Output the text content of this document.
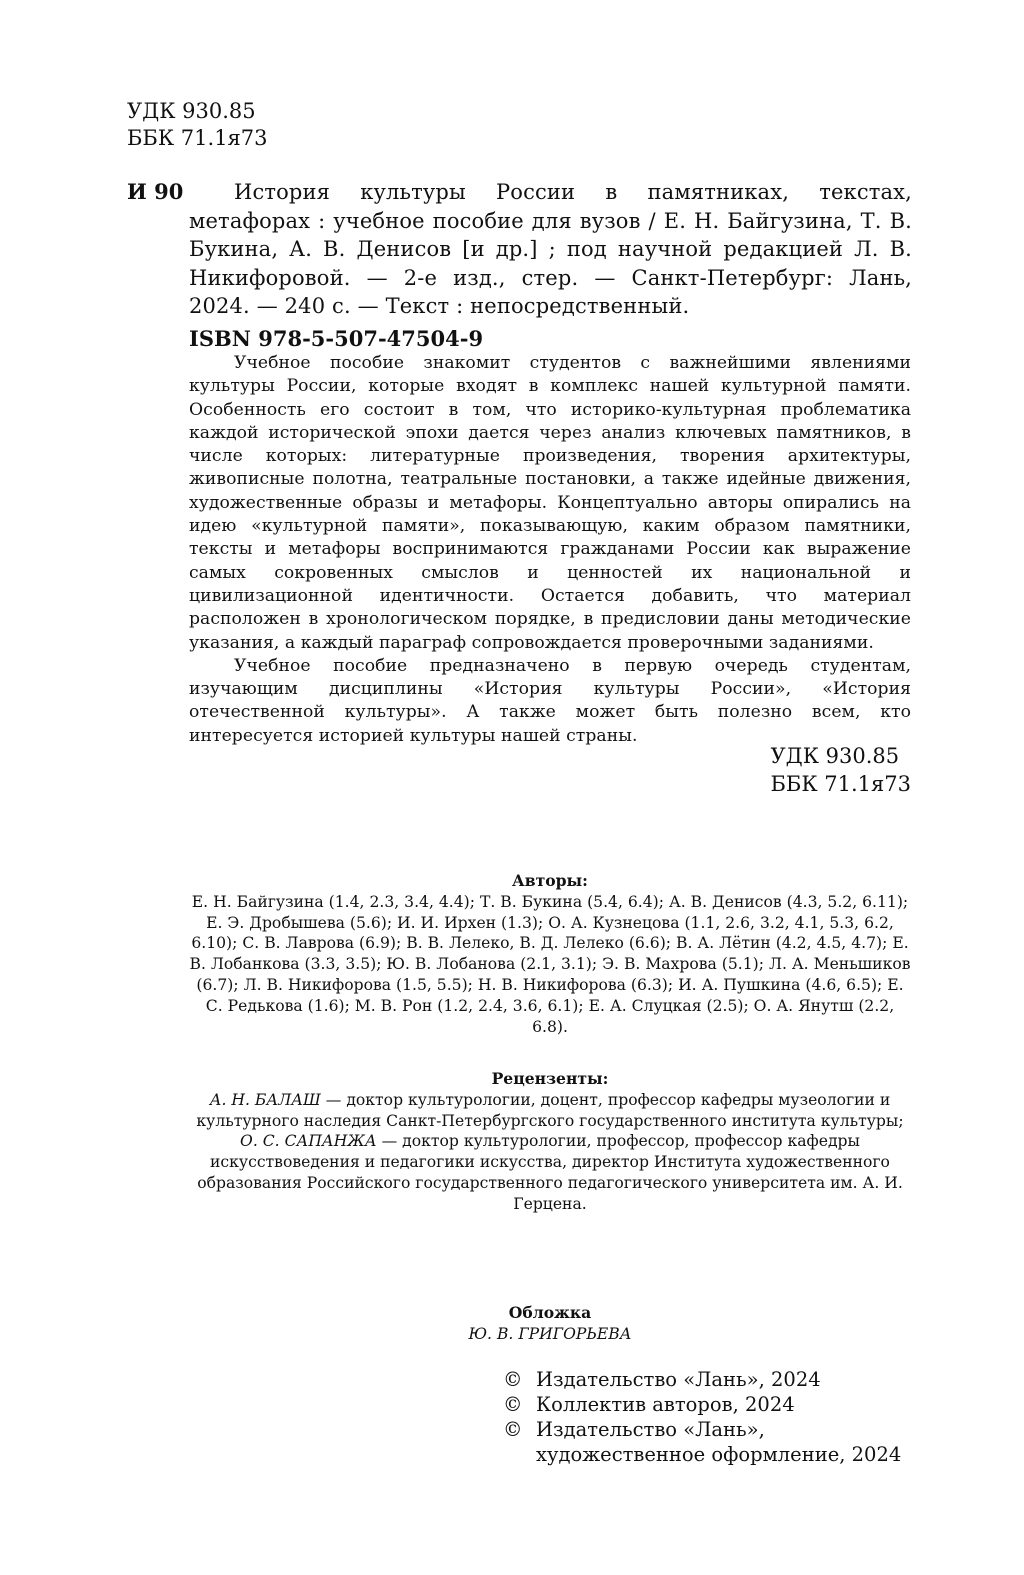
УДК 930.85
ББК 71.1я73
И 90	История культуры России в памятниках, текстах, метафорах : учебное пособие для вузов / Е. Н. Байгузина, Т. В. Букина, А. В. Денисов [и др.] ; под научной редакцией Л. В. Никифоровой. — 2-е изд., стер. — Санкт-Петербург: Лань, 2024. — 240 с. — Текст : непосредственный.
ISBN 978-5-507-47504-9

Учебное пособие знакомит студентов с важнейшими явлениями культуры России, которые входят в комплекс нашей культурной памяти. Особенность его состоит в том, что историко-культурная проблематика каждой исторической эпохи дается через анализ ключевых памятников, в числе которых: литературные произведения, творения архитектуры, живописные полотна, театральные постановки, а также идейные движения, художественные образы и метафоры. Концептуально авторы опирались на идею «культурной памяти», показывающую, каким образом памятники, тексты и метафоры воспринимаются гражданами России как выражение самых сокровенных смыслов и ценностей их национальной и цивилизационной идентичности. Остается добавить, что материал расположен в хронологическом порядке, в предисловии даны методические указания, а каждый параграф сопровождается проверочными заданиями.

Учебное пособие предназначено в первую очередь студентам, изучающим дисциплины «История культуры России», «История отечественной культуры». А также может быть полезно всем, кто интересуется историей культуры нашей страны.

УДК 930.85
ББК 71.1я73
Авторы:
Е. Н. Байгузина (1.4, 2.3, 3.4, 4.4); Т. В. Букина (5.4, 6.4); А. В. Денисов (4.3, 5.2, 6.11); Е. Э. Дробышева (5.6); И. И. Ирхен (1.3); О. А. Кузнецова (1.1, 2.6, 3.2, 4.1, 5.3, 6.2, 6.10); С. В. Лаврова (6.9); В. В. Лелеко, В. Д. Лелеко (6.6); В. А. Лётин (4.2, 4.5, 4.7); Е. В. Лобанкова (3.3, 3.5); Ю. В. Лобанова (2.1, 3.1); Э. В. Махрова (5.1); Л. А. Меньшиков (6.7); Л. В. Никифорова (1.5, 5.5); Н. В. Никифорова (6.3); И. А. Пушкина (4.6, 6.5); Е. С. Редькова (1.6); М. В. Рон (1.2, 2.4, 3.6, 6.1); Е. А. Слуцкая (2.5); О. А. Янутш (2.2, 6.8).
Рецензенты:
А. Н. БАЛАШ — доктор культурологии, доцент, профессор кафедры музеологии и культурного наследия Санкт-Петербургского государственного института культуры;
О. С. САПАНЖА — доктор культурологии, профессор, профессор кафедры искусствоведения и педагогики искусства, директор Института художественного образования Российского государственного педагогического университета им. А. И. Герцена.
Обложка
Ю. В. ГРИГОРЬЕВА
© Издательство «Лань», 2024
© Коллектив авторов, 2024
© Издательство «Лань»,
художественное оформление, 2024
